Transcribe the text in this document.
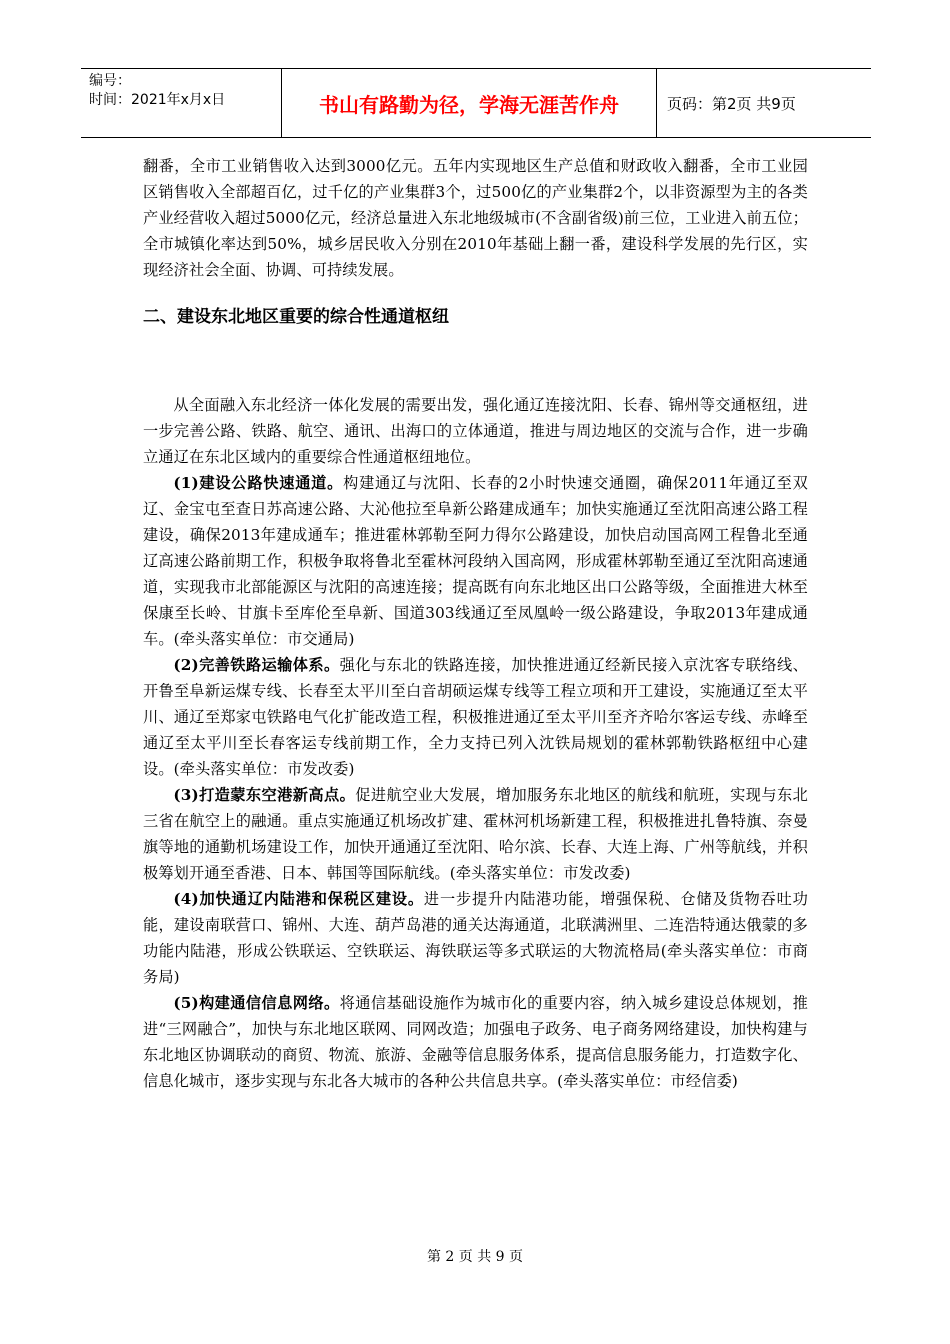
编号：
时间：2021年x月x日	书山有路勤为径，学海无涯苦作舟	页码：第2页 共9页

翻番，全市工业销售收入达到3000亿元。五年内实现地区生产总值和财政收入翻番，全市工业园区销售收入全部超百亿，过千亿的产业集群3个，过500亿的产业集群2个，以非资源型为主的各类产业经营收入超过5000亿元，经济总量进入东北地级城市(不含副省级)前三位，工业进入前五位；全市城镇化率达到50%，城乡居民收入分别在2010年基础上翻一番，建设科学发展的先行区，实现经济社会全面、协调、可持续发展。

二、建设东北地区重要的综合性通道枢纽

从全面融入东北经济一体化发展的需要出发，强化通辽连接沈阳、长春、锦州等交通枢纽，进一步完善公路、铁路、航空、通讯、出海口的立体通道，推进与周边地区的交流与合作，进一步确立通辽在东北区域内的重要综合性通道枢纽地位。

(1)建设公路快速通道。构建通辽与沈阳、长春的2小时快速交通圈，确保2011年通辽至双辽、金宝屯至查日苏高速公路、大沁他拉至阜新公路建成通车；加快实施通辽至沈阳高速公路工程建设，确保2013年建成通车；推进霍林郭勒至阿力得尔公路建设，加快启动国高网工程鲁北至通辽高速公路前期工作，积极争取将鲁北至霍林河段纳入国高网，形成霍林郭勒至通辽至沈阳高速通道，实现我市北部能源区与沈阳的高速连接；提高既有向东北地区出口公路等级，全面推进大林至保康至长岭、甘旗卡至库伦至阜新、国道303线通辽至凤凰岭一级公路建设，争取2013年建成通车。(牵头落实单位：市交通局)

(2)完善铁路运输体系。强化与东北的铁路连接，加快推进通辽经新民接入京沈客专联络线、开鲁至阜新运煤专线、长春至太平川至白音胡硕运煤专线等工程立项和开工建设，实施通辽至太平川、通辽至郑家屯铁路电气化扩能改造工程，积极推进通辽至太平川至齐齐哈尔客运专线、赤峰至通辽至太平川至长春客运专线前期工作，全力支持已列入沈铁局规划的霍林郭勒铁路枢纽中心建设。(牵头落实单位：市发改委)

(3)打造蒙东空港新高点。促进航空业大发展，增加服务东北地区的航线和航班，实现与东北三省在航空上的融通。重点实施通辽机场改扩建、霍林河机场新建工程，积极推进扎鲁特旗、奈曼旗等地的通勤机场建设工作，加快开通通辽至沈阳、哈尔滨、长春、大连上海、广州等航线，并积极筹划开通至香港、日本、韩国等国际航线。(牵头落实单位：市发改委)

(4)加快通辽内陆港和保税区建设。进一步提升内陆港功能，增强保税、仓储及货物吞吐功能，建设南联营口、锦州、大连、葫芦岛港的通关达海通道，北联满洲里、二连浩特通达俄蒙的多功能内陆港，形成公铁联运、空铁联运、海铁联运等多式联运的大物流格局(牵头落实单位：市商务局)

(5)构建通信信息网络。将通信基础设施作为城市化的重要内容，纳入城乡建设总体规划，推进“三网融合”，加快与东北地区联网、同网改造；加强电子政务、电子商务网络建设，加快构建与东北地区协调联动的商贸、物流、旅游、金融等信息服务体系，提高信息服务能力，打造数字化、信息化城市，逐步实现与东北各大城市的各种公共信息共享。(牵头落实单位：市经信委)

第 2 页 共 9 页
